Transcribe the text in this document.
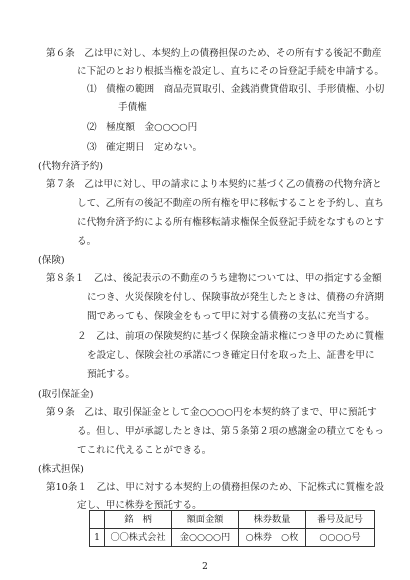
第６条　乙は甲に対し、本契約上の債務担保のため、その所有する後記不動産
に下記のとおり根抵当権を設定し、直ちにその旨登記手続を申請する。
⑴　債権の範囲　商品売買取引、金銭消費貸借取引、手形債権、小切
手債権
⑵　極度額　金○○○○円
⑶　確定期日　定めない。
(代物弁済予約)
第７条　乙は甲に対し、甲の請求により本契約に基づく乙の債務の代物弁済と
して、乙所有の後記不動産の所有権を甲に移転することを予約し、直ち
に代物弁済予約による所有権移転請求権保全仮登記手続をなすものとす
る。
(保険)
第８条１　乙は、後記表示の不動産のうち建物については、甲の指定する金額
につき、火災保険を付し、保険事故が発生したときは、債務の弁済期
間であっても、保険金をもって甲に対する債務の支払に充当する。
２　乙は、前項の保険契約に基づく保険金請求権につき甲のために質権
を設定し、保険会社の承諾につき確定日付を取った上、証書を甲に
預託する。
(取引保証金)
第９条　乙は、取引保証金として金○○○○円を本契約終了まで、甲に預託す
る。但し、甲が承認したときは、第５条第２項の感謝金の積立てをもっ
てこれに代えることができる。
(株式担保)
第10条１　乙は、甲に対する本契約上の債務担保のため、下記株式に質権を設
定し、甲に株券を預託する。
	銘　柄	額面金額	株券数量	番号及記号
1	〇〇株式会社	金○○○○円	○株券　○枚	○○○○号
2
